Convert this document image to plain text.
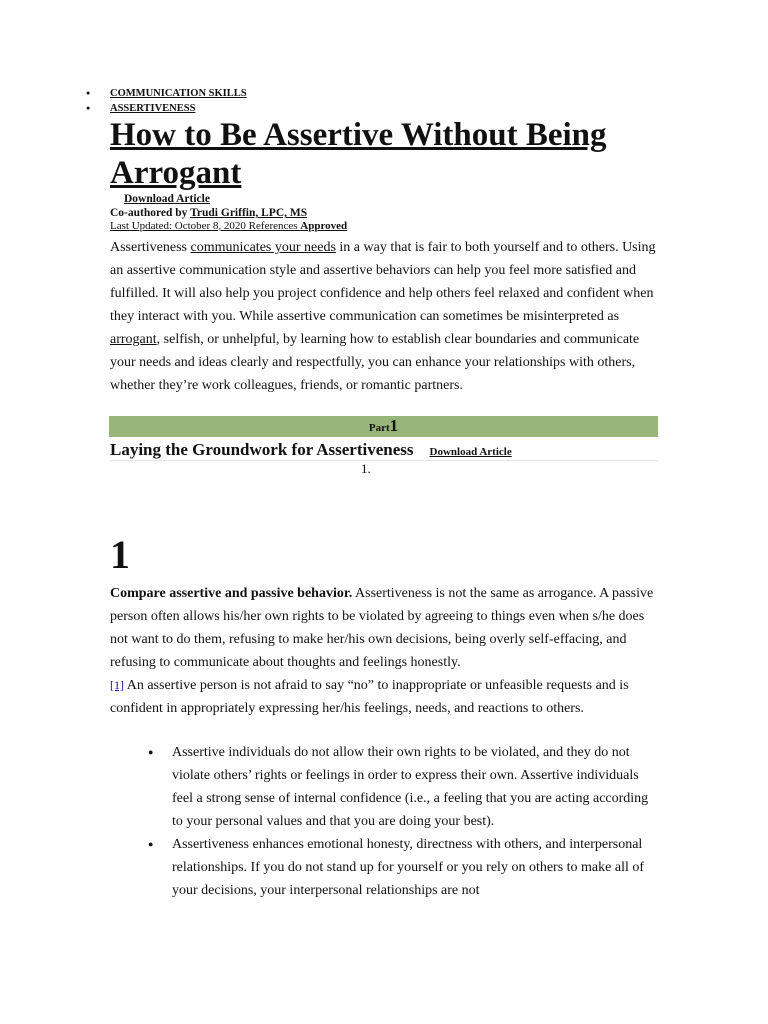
● COMMUNICATION SKILLS
● ASSERTIVENESS
How to Be Assertive Without Being Arrogant
Download Article
Co-authored by Trudi Griffin, LPC, MS
Last Updated: October 8, 2020 References Approved

Assertiveness communicates your needs in a way that is fair to both yourself and to others. Using an assertive communication style and assertive behaviors can help you feel more satisfied and fulfilled. It will also help you project confidence and help others feel relaxed and confident when they interact with you. While assertive communication can sometimes be misinterpreted as arrogant, selfish, or unhelpful, by learning how to establish clear boundaries and communicate your needs and ideas clearly and respectfully, you can enhance your relationships with others, whether they’re work colleagues, friends, or romantic partners.

Part1
Laying the Groundwork for Assertiveness Download Article
1.
1

Compare assertive and passive behavior. Assertiveness is not the same as arrogance. A passive person often allows his/her own rights to be violated by agreeing to things even when s/he does not want to do them, refusing to make her/his own decisions, being overly self-effacing, and refusing to communicate about thoughts and feelings honestly.
[1] An assertive person is not afraid to say “no” to inappropriate or unfeasible requests and is confident in appropriately expressing her/his feelings, needs, and reactions to others.

● Assertive individuals do not allow their own rights to be violated, and they do not violate others’ rights or feelings in order to express their own. Assertive individuals feel a strong sense of internal confidence (i.e., a feeling that you are acting according to your personal values and that you are doing your best).
● Assertiveness enhances emotional honesty, directness with others, and interpersonal relationships. If you do not stand up for yourself or you rely on others to make all of your decisions, your interpersonal relationships are not
